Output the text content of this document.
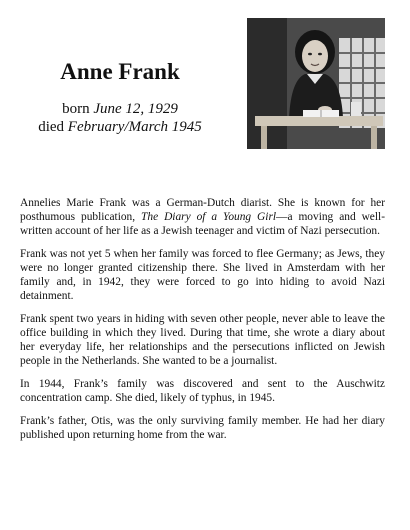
Anne Frank
born June 12, 1929
died February/March 1945

Annelies Marie Frank was a German-Dutch diarist. She is known for her posthumous publication, The Diary of a Young Girl—a moving and well-written account of her life as a Jewish teenager and victim of Nazi persecution.

Frank was not yet 5 when her family was forced to flee Germany; as Jews, they were no longer granted citizenship there. She lived in Amsterdam with her family and, in 1942, they were forced to go into hiding to avoid Nazi detainment.

Frank spent two years in hiding with seven other people, never able to leave the office building in which they lived. During that time, she wrote a diary about her everyday life, her relationships and the persecutions inflicted on Jewish people in the Netherlands. She wanted to be a journalist.

In 1944, Frank’s family was discovered and sent to the Auschwitz concentration camp. She died, likely of typhus, in 1945.

Frank’s father, Otis, was the only surviving family member. He had her diary published upon returning home from the war.
